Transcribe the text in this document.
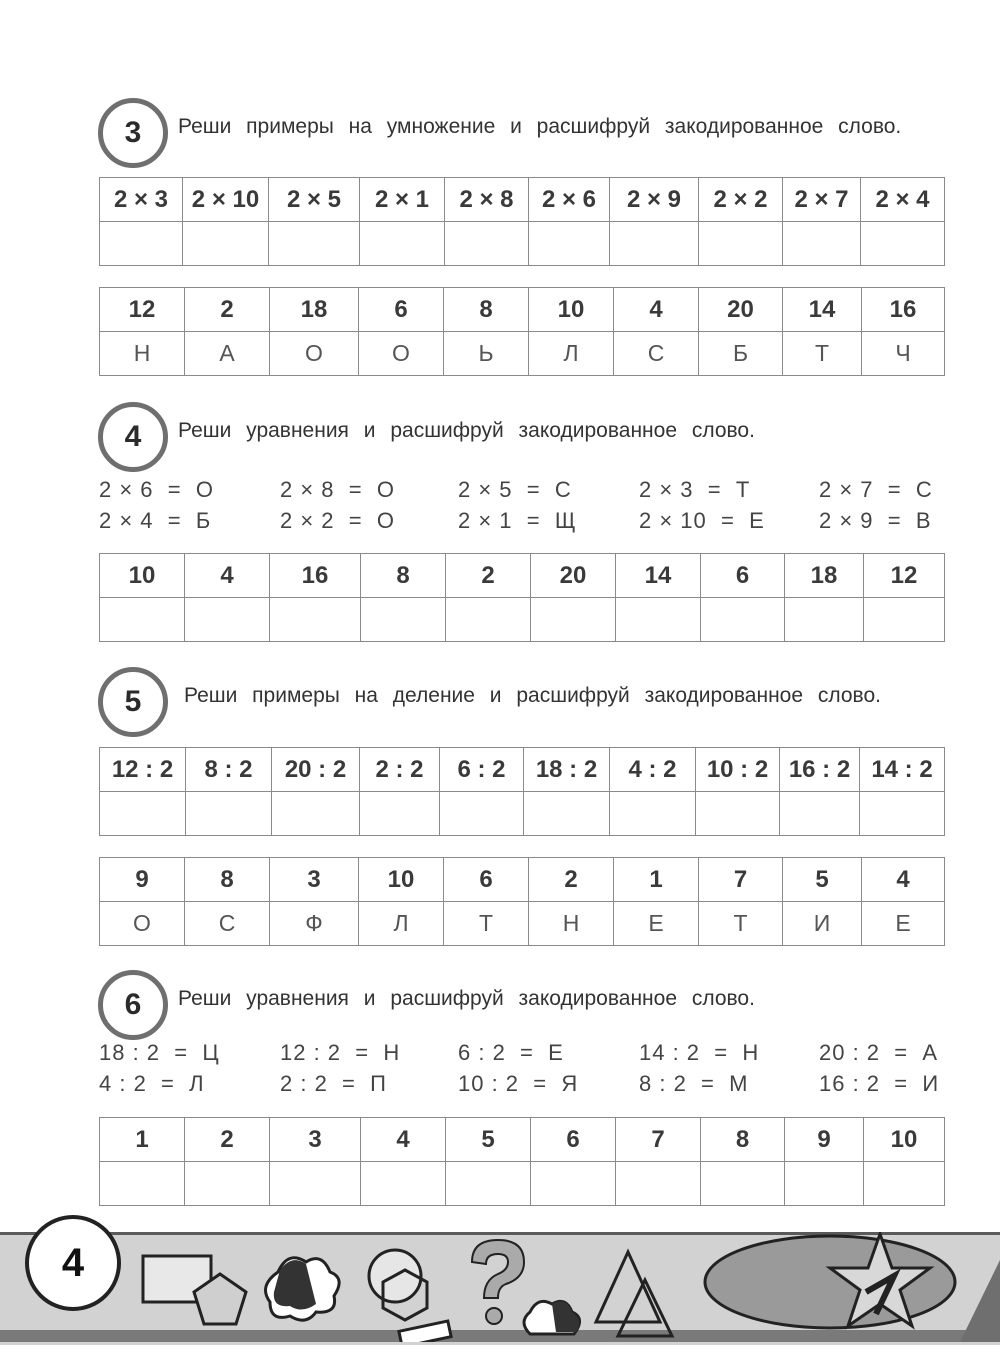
3	Реши примеры на умножение и расшифруй закодированное слово.
2 × 3	2 × 10	2 × 5	2 × 1	2 × 8	2 × 6	2 × 9	2 × 2	2 × 7	2 × 4

12	2	18	6	8	10	4	20	14	16
Н	А	О	О	Ь	Л	С	Б	Т	Ч
4	Реши уравнения и расшифруй закодированное слово.
2 × 6  =  О	2 × 8  =  О	2 × 5  =  С	2 × 3  =  Т	2 × 7  =  С
2 × 4  =  Б	2 × 2  =  О	2 × 1  =  Щ	2 × 10  =  Е 2 × 9  =  В
10	4	16	8	2	20	14	6	18	12

5	Реши примеры на деление и расшифруй закодированное слово.
12 : 2	8 : 2	20 : 2	2 : 2	6 : 2	18 : 2	4 : 2	10 : 2	16 : 2	14 : 2

9	8	3	10	6	2	1	7	5	4
О	С	Ф	Л	Т	Н	Е	Т	И	Е
6	Реши уравнения и расшифруй закодированное слово.
18 : 2  =  Ц	12 : 2  =  Н	6 : 2  =  Е	14 : 2  =  Н	20 : 2  =  А
4 : 2  =  Л	2 : 2  =  П	10 : 2  =  Я	8 : 2  =  М	16 : 2  =  И
1	2	3	4	5	6	7	8	9	10

4
